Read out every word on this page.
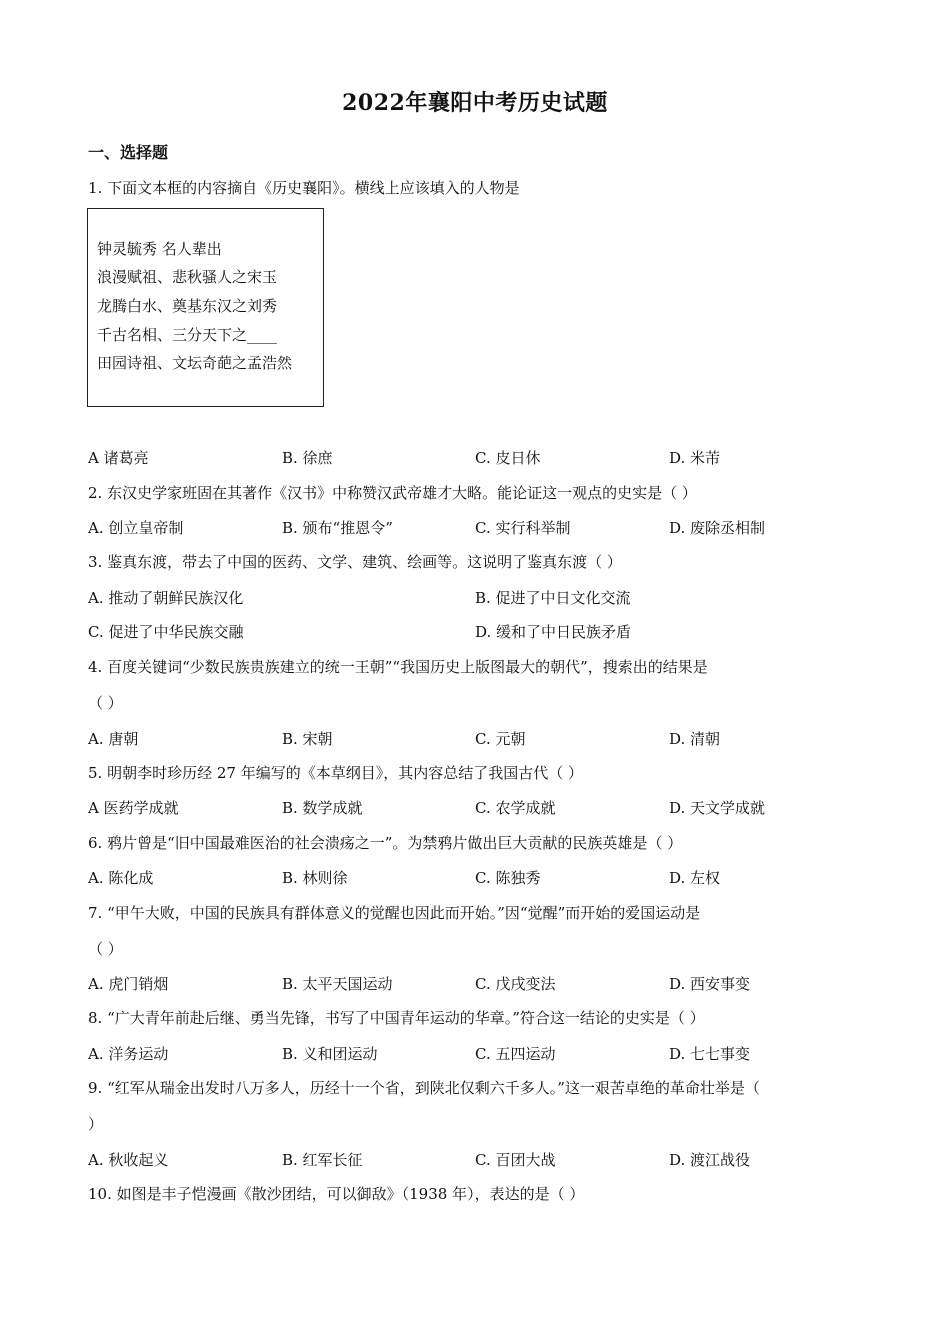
2022年襄阳中考历史试题
一、选择题
1. 下面文本框的内容摘自《历史襄阳》。横线上应该填入的人物是
钟灵毓秀 名人辈出
浪漫赋祖、悲秋骚人之宋玉
龙腾白水、奠基东汉之刘秀
千古名相、三分天下之____
田园诗祖、文坛奇葩之孟浩然
A 诸葛亮	B. 徐庶	C. 皮日休	D. 米芾
2. 东汉史学家班固在其著作《汉书》中称赞汉武帝雄才大略。能论证这一观点的史实是（ ）
A. 创立皇帝制	B. 颁布“推恩令”	C. 实行科举制	D. 废除丞相制
3. 鉴真东渡，带去了中国的医药、文学、建筑、绘画等。这说明了鉴真东渡（ ）
A. 推动了朝鲜民族汉化	B. 促进了中日文化交流
C. 促进了中华民族交融	D. 缓和了中日民族矛盾
4. 百度关键词“少数民族贵族建立的统一王朝”“我国历史上版图最大的朝代”，搜索出的结果是
（ ）
A. 唐朝	B. 宋朝	C. 元朝	D. 清朝
5. 明朝李时珍历经 27 年编写的《本草纲目》，其内容总结了我国古代（ ）
A 医药学成就	B. 数学成就	C. 农学成就	D. 天文学成就
6. 鸦片曾是“旧中国最难医治的社会溃疡之一”。为禁鸦片做出巨大贡献的民族英雄是（ ）
A. 陈化成	B. 林则徐	C. 陈独秀	D. 左权
7. “甲午大败，中国的民族具有群体意义的觉醒也因此而开始。”因“觉醒”而开始的爱国运动是
（ ）
A. 虎门销烟	B. 太平天国运动	C. 戊戌变法	D. 西安事变
8. “广大青年前赴后继、勇当先锋，书写了中国青年运动的华章。”符合这一结论的史实是（ ）
A. 洋务运动	B. 义和团运动	C. 五四运动	D. 七七事变
9. “红军从瑞金出发时八万多人，历经十一个省，到陕北仅剩六千多人。”这一艰苦卓绝的革命壮举是（
）
A. 秋收起义	B. 红军长征	C. 百团大战	D. 渡江战役
10. 如图是丰子恺漫画《散沙团结，可以御敌》（1938 年），表达的是（ ）
